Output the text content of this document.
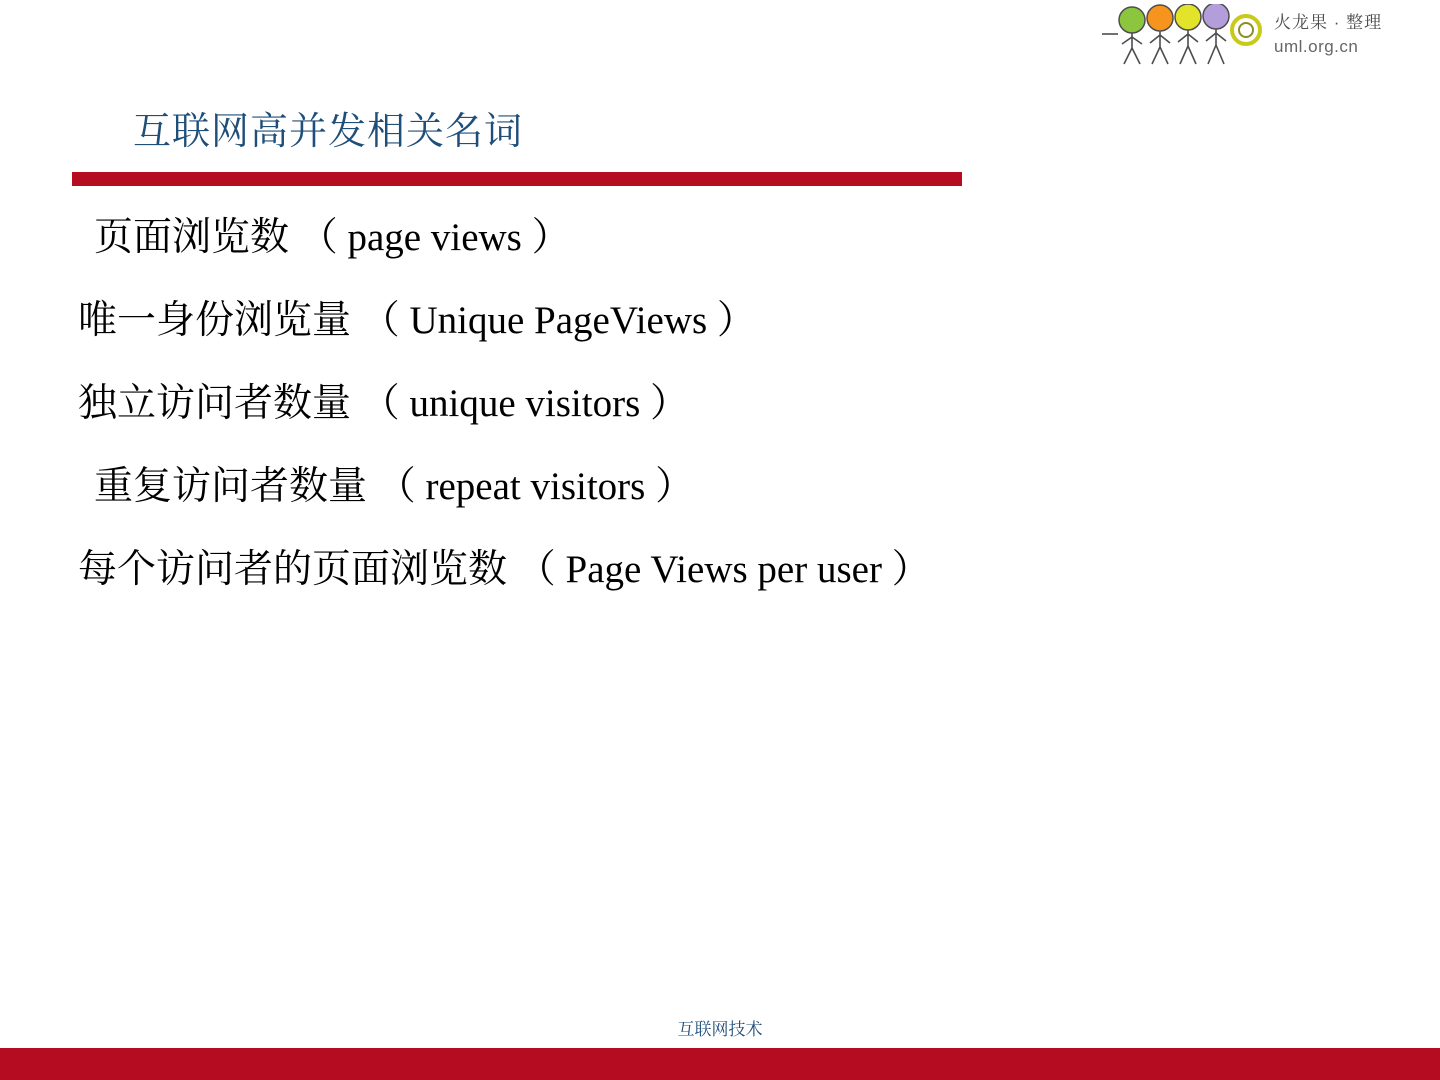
火龙果 · 整理
uml.org.cn
互联网高并发相关名词
页面浏览数 （ page views ）
唯一身份浏览量 （ Unique PageViews ）
独立访问者数量 （ unique visitors ）
重复访问者数量 （ repeat visitors ）
每个访问者的页面浏览数 （ Page Views per user ）
互联网技术
